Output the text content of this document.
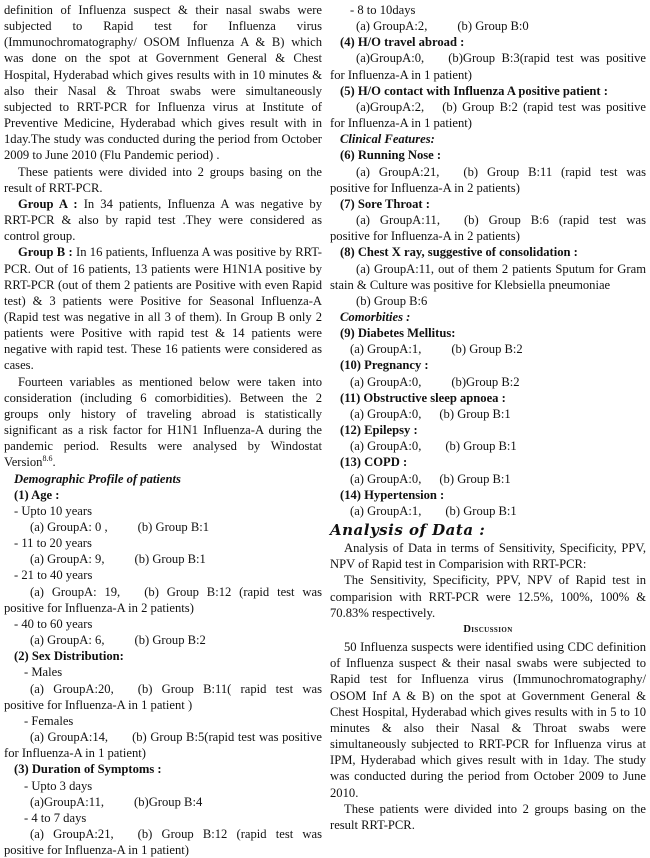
definition of Influenza suspect & their nasal swabs were subjected to Rapid test for Influenza virus (Immunochromatography/ OSOM Influenza A & B) which was done on the spot at Government General & Chest Hospital, Hyderabad which gives results with in 10 minutes & also their Nasal & Throat swabs were simultaneously subjected to RRT-PCR for Influenza virus at Institute of Preventive Medicine, Hyderabad which gives result with in 1day.The study was conducted during the period from October 2009 to June 2010 (Flu Pandemic period) .

These patients were divided into 2 groups basing on the result of RRT-PCR.

Group A : In 34 patients, Influenza A was negative by RRT-PCR & also by rapid test .They were considered as control group.

Group B : In 16 patients, Influenza A was positive by RRT-PCR. Out of 16 patients, 13 patients were H1N1A positive by RRT-PCR (out of them 2 patients are Positive with even Rapid test) & 3 patients were Positive for Seasonal Influenza-A (Rapid test was negative in all 3 of them). In Group B only 2 patients were Positive with rapid test & 14 patients were negative with rapid test. These 16 patients were considered as cases.

Fourteen variables as mentioned below were taken into consideration (including 6 comorbidities). Between the 2 groups only history of traveling abroad is statistically significant as a risk factor for H1N1 Influenza-A during the pandemic period. Results were analysed by Windostat Version$^{8.6}$.

Demographic Profile of patients

(1) Age :

- Upto 10 years

(a) GroupA: 0 , (b) Group B:1

- 11 to 20 years

(a) GroupA: 9, (b) Group B:1

- 21 to 40 years

(a) GroupA: 19, (b) Group B:12 (rapid test was positive for Influenza-A in 2 patients)

- 40 to 60 years

(a) GroupA: 6, (b) Group B:2

(2) Sex Distribution:

- Males

(a) GroupA:20, (b) Group B:11( rapid test was positive for Influenza-A in 1 patient )

- Females

(a) GroupA:14, (b) Group B:5(rapid test was positive for Influenza-A in 1 patient)

(3) Duration of Symptoms :

- Upto 3 days

(a)GroupA:11, (b)Group B:4

- 4 to 7 days

(a) GroupA:21, (b) Group B:12 (rapid test was positive for Influenza-A in 1 patient)

- 8 to 10days

(a) GroupA:2, (b) Group B:0

(4) H/O travel abroad :

(a)GroupA:0, (b)Group B:3(rapid test was positive for Influenza-A in 1 patient)

(5) H/O contact with Influenza A positive patient :

(a)GroupA:2, (b) Group B:2 (rapid test was positive for Influenza-A in 1 patient)

Clinical Features:

(6) Running Nose :

(a) GroupA:21, (b) Group B:11 (rapid test was positive for Influenza-A in 2 patients)

(7) Sore Throat :

(a) GroupA:11, (b) Group B:6 (rapid test was positive for Influenza-A in 2 patients)

(8) Chest X ray, suggestive of consolidation :

(a) GroupA:11, out of them 2 patients Sputum for Gram stain & Culture was positive for Klebsiella pneumoniae

(b) Group B:6

Comorbities :

(9) Diabetes Mellitus:

(a) GroupA:1, (b) Group B:2

(10) Pregnancy :

(a) GroupA:0, (b)Group B:2

(11) Obstructive sleep apnoea :

(a) GroupA:0, (b) Group B:1

(12) Epilepsy :

(a) GroupA:0, (b) Group B:1

(13) COPD :

(a) GroupA:0, (b) Group B:1

(14) Hypertension :

(a) GroupA:1, (b) Group B:1

Analysis of Data :

Analysis of Data in terms of Sensitivity, Specificity, PPV, NPV of Rapid test in Comparision with RRT-PCR:

The Sensitivity, Specificity, PPV, NPV of Rapid test in comparision with RRT-PCR were 12.5%, 100%, 100% & 70.83% respectively.

Discussion

50 Influenza suspects were identified using CDC definition of Influenza suspect & their nasal swabs were subjected to Rapid test for Influenza virus (Immunochromatography/ OSOM Inf A & B) on the spot at Government General & Chest Hospital, Hyderabad which gives results with in 5 to 10 minutes & also their Nasal & Throat swabs were simultaneously subjected to RRT-PCR for Influenza virus at IPM, Hyderabad which gives result with in 1day. The study was conducted during the period from October 2009 to June 2010.

These patients were divided into 2 groups basing on the result RRT-PCR.
